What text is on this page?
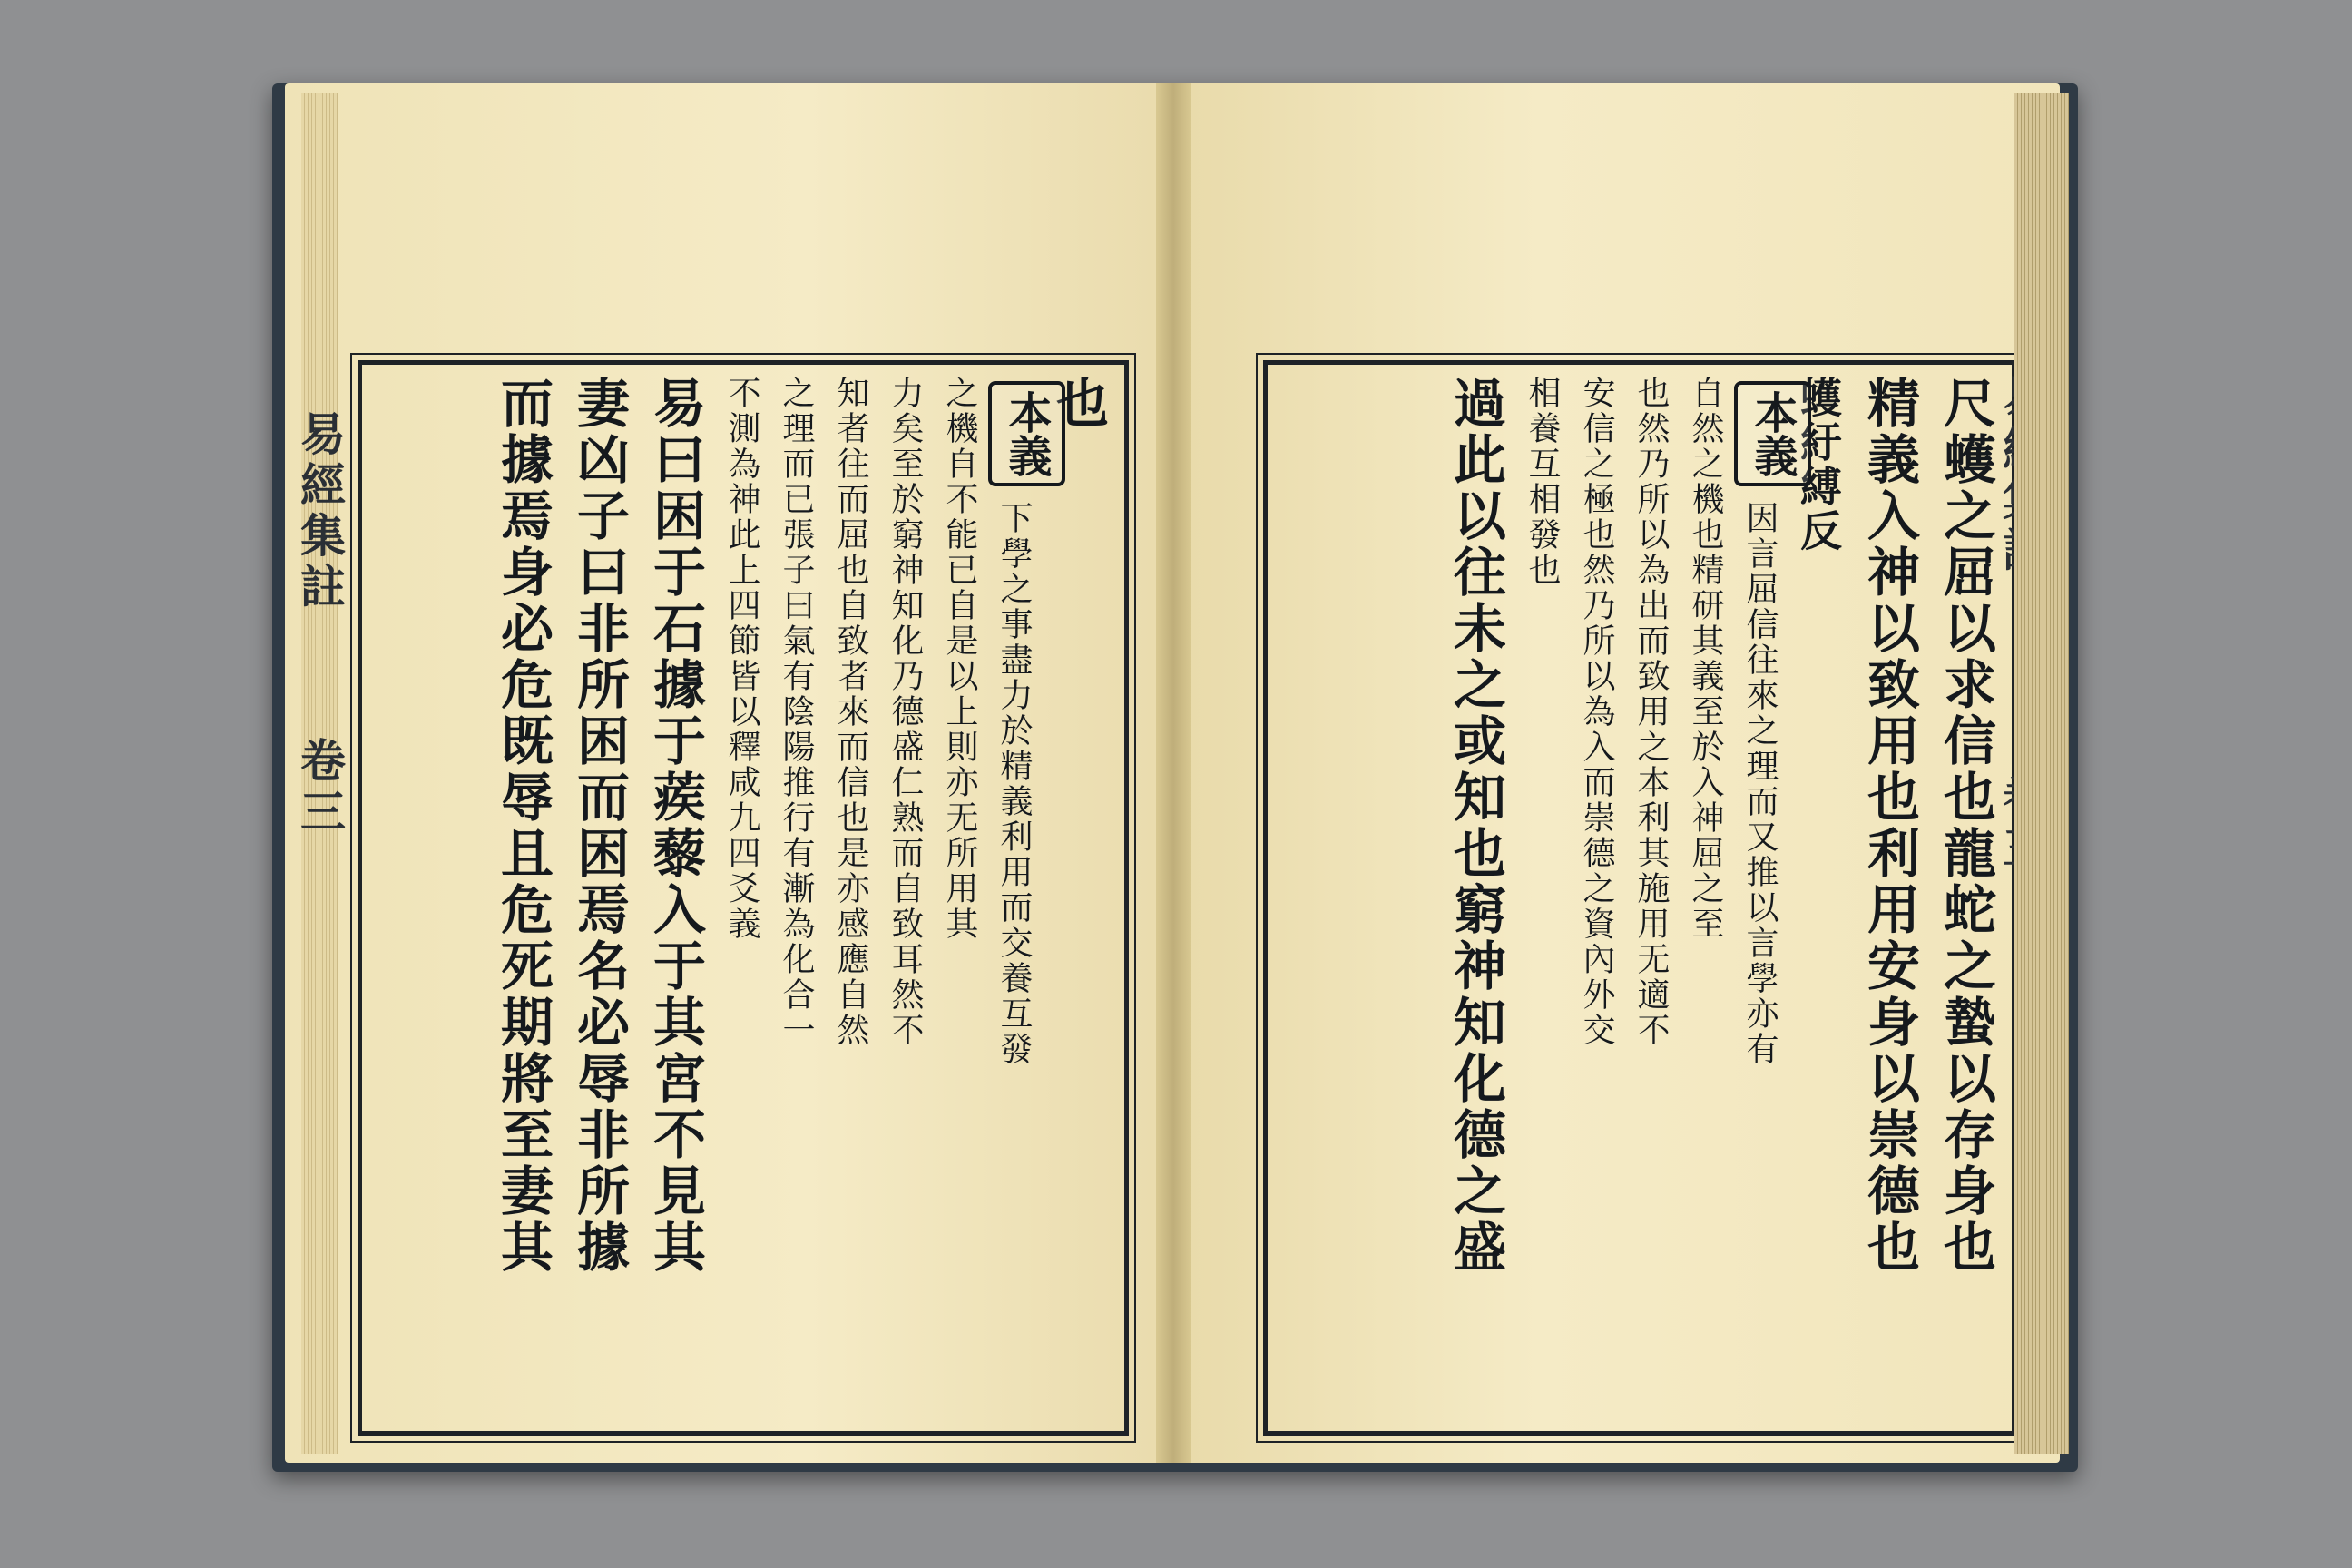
易經集註
卷三
也
本義
下學之事盡力於精義利用而交養互發
之機自不能已自是以上則亦无所用其
力矣至於窮神知化乃德盛仁熟而自致耳然不
知者往而屈也自致者來而信也是亦感應自然
之理而已張子曰氣有陰陽推行有漸為化合一
不測為神此上四節皆以釋咸九四爻義
易曰困于石據于蒺藜入于其宮不見其
妻凶子曰非所困而困焉名必辱非所據
而據焉身必危既辱且危死期將至妻其	尺蠖之屈以求信也龍蛇之蟄以存身也
精義入神以致用也利用安身以崇德也
蠖紆縛反
本義
因言屈信往來之理而又推以言學亦有
自然之機也精研其義至於入神屈之至
也然乃所以為出而致用之本利其施用无適不
安信之極也然乃所以為入而崇德之資內外交
相養互相發也
過此以往未之或知也窮神知化德之盛
